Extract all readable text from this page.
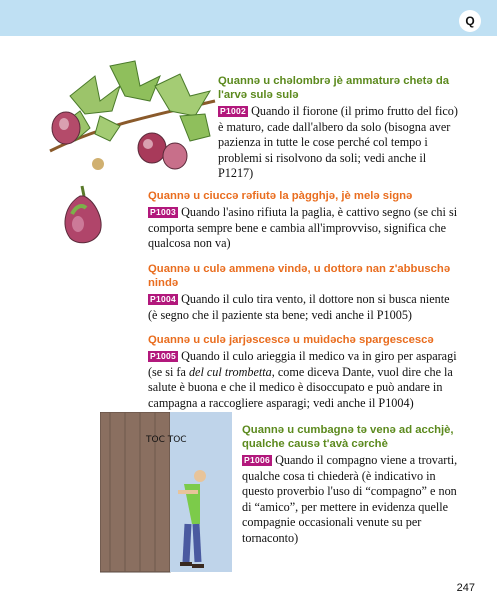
Q
TOC TOC
Quannə u chəlombrə jè ammaturə chetə da l'arvə sulə sulə
P1002 Quando il fiorone (il primo frutto del fico) è maturo, cade dall'albero da solo (bisogna aver pazienza in tutte le cose perché col tempo i problemi si risolvono da soli; vedi anche il P1217)
Quannə u ciuccə rəfiutə la pàgghjə, jè melə signə
P1003 Quando l'asino rifiuta la paglia, è cattivo segno (se chi si comporta sempre bene e cambia all'improvviso, significa che qualcosa non va)
Quannə u culə ammenə vində, u dottorə nan z'abbuschə nində
P1004 Quando il culo tira vento, il dottore non si busca niente (è segno che il paziente sta bene; vedi anche il P1005)
Quannə u culə jarjəscescə u muìdəchə spargescescə
P1005 Quando il culo arieggia il medico va in giro per asparagi (se si fa del cul trombetta, come diceva Dante, vuol dire che la salute è buona e che il medico è disoccupato e può andare in campagna a raccogliere asparagi; vedi anche il P1004)
Quannə u cumbagnə tə venə ad acchjè, qualche causə t'avà cərchè
P1006 Quando il compagno viene a trovarti, qualche cosa ti chiederà (è indicativo in questo proverbio l'uso di “compagno” e non di “amico”, per mettere in evidenza quelle compagnie occasionali venute su per tornaconto)
247
